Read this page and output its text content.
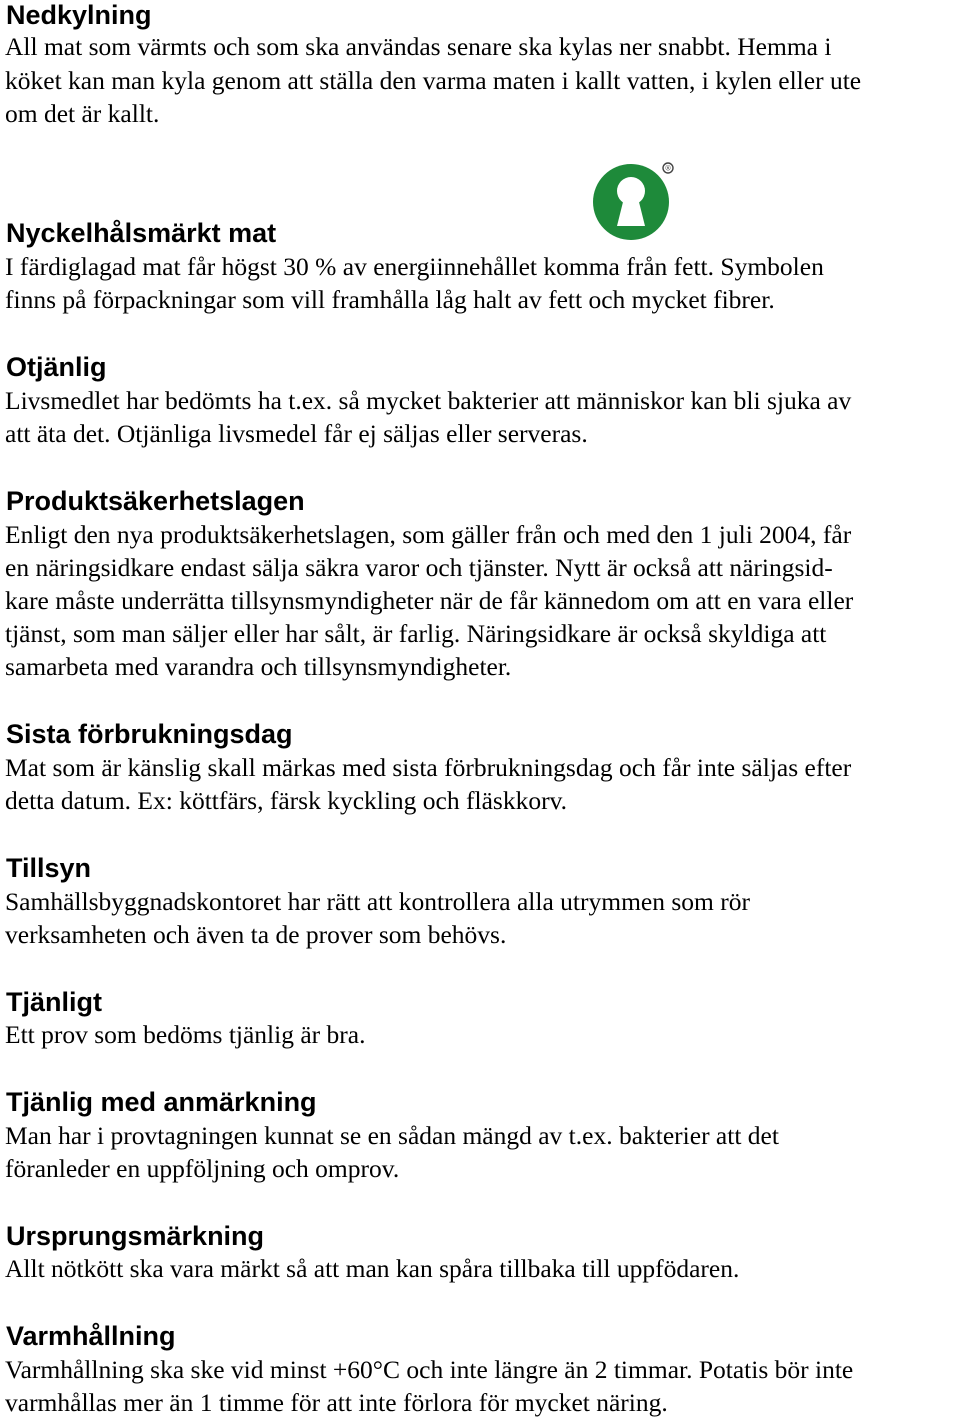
Nedkylning
All mat som värmts och som ska användas senare ska kylas ner snabbt. Hemma i
köket kan man kyla genom att ställa den varma maten i kallt vatten, i kylen eller ute
om det är kallt.
®
Nyckelhålsmärkt mat
I färdiglagad mat får högst 30 % av energiinnehållet komma från fett. Symbolen
finns på förpackningar som vill framhålla låg halt av fett och mycket fibrer.
Otjänlig
Livsmedlet har bedömts ha t.ex. så mycket bakterier att människor kan bli sjuka av
att äta det. Otjänliga livsmedel får ej säljas eller serveras.
Produktsäkerhetslagen
Enligt den nya produktsäkerhetslagen, som gäller från och med den 1 juli 2004, får
en näringsidkare endast sälja säkra varor och tjänster. Nytt är också att näringsid-
kare måste underrätta tillsynsmyndigheter när de får kännedom om att en vara eller
tjänst, som man säljer eller har sålt, är farlig. Näringsidkare är också skyldiga att
samarbeta med varandra och tillsynsmyndigheter.
Sista förbrukningsdag
Mat som är känslig skall märkas med sista förbrukningsdag och får inte säljas efter
detta datum. Ex: köttfärs, färsk kyckling och fläskkorv.
Tillsyn
Samhällsbyggnadskontoret har rätt att kontrollera alla utrymmen som rör
verksamheten och även ta de prover som behövs.
Tjänligt
Ett prov som bedöms tjänlig är bra.
Tjänlig med anmärkning
Man har i provtagningen kunnat se en sådan mängd av t.ex. bakterier att det
föranleder en uppföljning och omprov.
Ursprungsmärkning
Allt nötkött ska vara märkt så att man kan spåra tillbaka till uppfödaren.
Varmhållning
Varmhållning ska ske vid minst +60°C och inte längre än 2 timmar. Potatis bör inte
varmhållas mer än 1 timme för att inte förlora för mycket näring.
